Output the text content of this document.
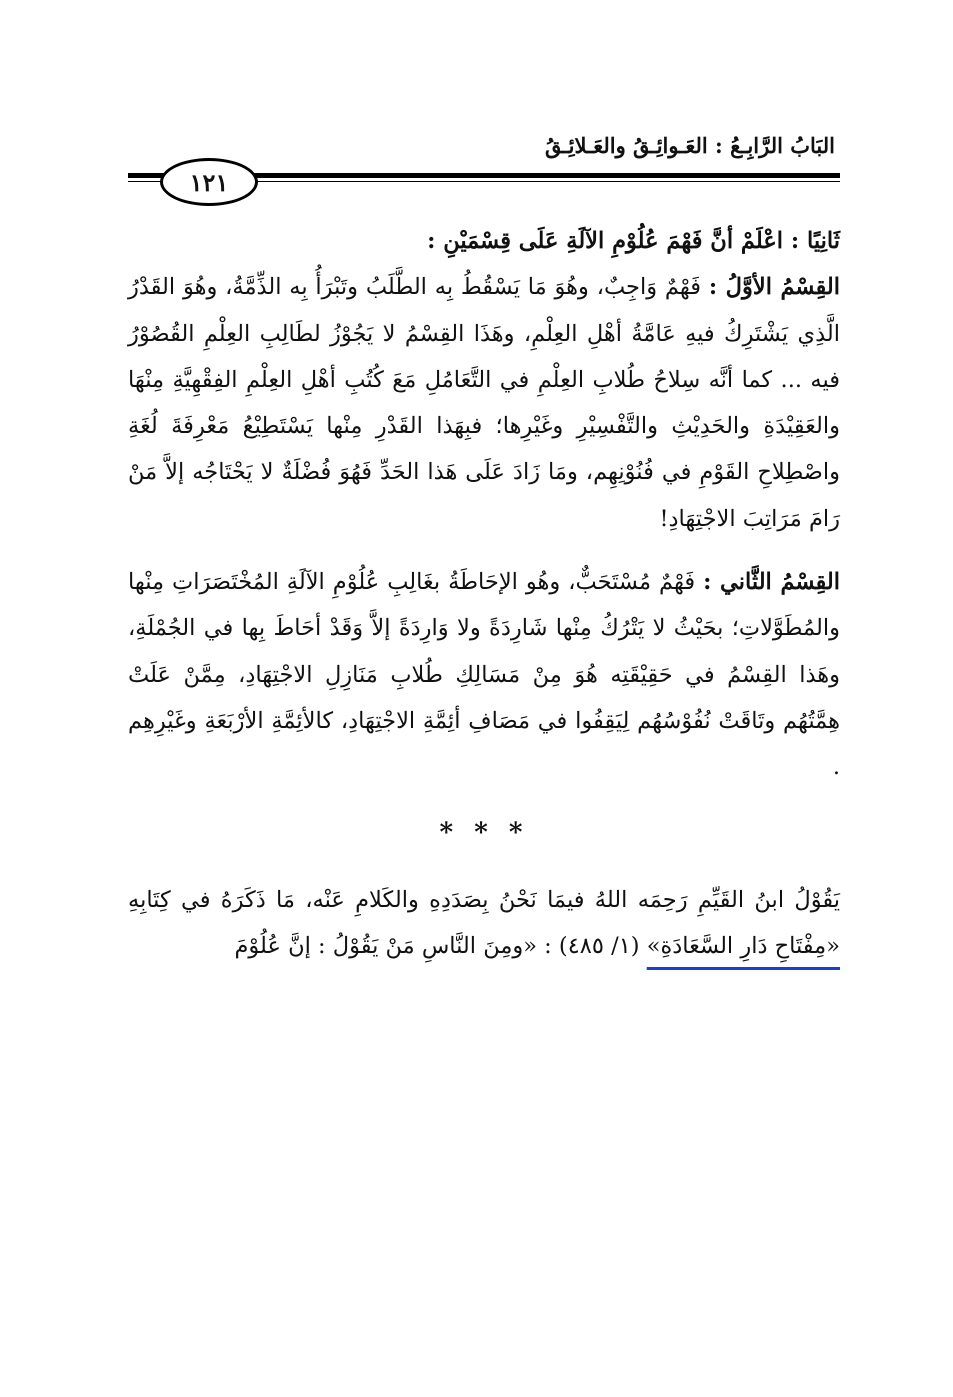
البَابُ الرَّابِـعُ : العَـوائِـقُ والعَـلائِـقُ
١٢١

ثَانِيًا : اعْلَمْ أنَّ فَهْمَ عُلُوْمِ الآلَةِ عَلَى قِسْمَيْنِ :

القِسْمُ الأوَّلُ : فَهْمٌ وَاجِبٌ، وهُوَ مَا يَسْقُطُ بِه الطَّلَبُ وتَبْرَأُ بِه الذِّمَّةُ، وهُوَ القَدْرُ الَّذِي يَشْتَرِكُ فيهِ عَامَّةُ أهْلِ العِلْمِ، وهَذَا القِسْمُ لا يَجُوْزُ لطَالِبِ العِلْمِ القُصُوْرُ فيه ... كما أنَّه سِلاحُ طُلابِ العِلْمِ في التَّعَامُلِ مَعَ كُتُبِ أهْلِ العِلْمِ الفِقْهِيَّةِ مِنْهَا والعَقِيْدَةِ والحَدِيْثِ والتَّفْسِيْرِ وغَيْرِها؛ فبِهَذا القَدْرِ مِنْها يَسْتَطِيْعُ مَعْرِفَةَ لُغَةِ واصْطِلاحِ القَوْمِ في فُنُوْنِهِم، ومَا زَادَ عَلَى هَذا الحَدِّ فَهُوَ فُضْلَةٌ لا يَحْتَاجُه إلاَّ مَنْ رَامَ مَرَاتِبَ الاجْتِهَادِ!

القِسْمُ الثَّاني : فَهْمٌ مُسْتَحَبٌّ، وهُو الإحَاطَةُ بغَالِبِ عُلُوْمِ الآلَةِ المُخْتَصَرَاتِ مِنْها والمُطَوَّلاتِ؛ بحَيْثُ لا يَتْرُكُ مِنْها شَارِدَةً ولا وَارِدَةً إلاَّ وَقَدْ أحَاطَ بِها في الجُمْلَةِ، وهَذا القِسْمُ في حَقِيْقَتِه هُوَ مِنْ مَسَالِكِ طُلابِ مَنَازِلِ الاجْتِهَادِ، مِمَّنْ عَلَتْ هِمَّتُهُم وتَاقَتْ نُفُوْسُهُم لِيَقِفُوا في مَصَافِ أئِمَّةِ الاجْتِهَادِ، كالأئِمَّةِ الأرْبَعَةِ وغَيْرِهِم .

* * *

يَقُوْلُ ابنُ القَيِّمِ رَحِمَه اللهُ فيمَا نَحْنُ بِصَدَدِهِ والكَلامِ عَنْه، مَا ذَكَرَهُ في كِتَابِهِ «مِفْتَاحِ دَارِ السَّعَادَةِ» (١/ ٤٨٥) : «ومِنَ النَّاسِ مَنْ يَقُوْلُ : إنَّ عُلُوْمَ
